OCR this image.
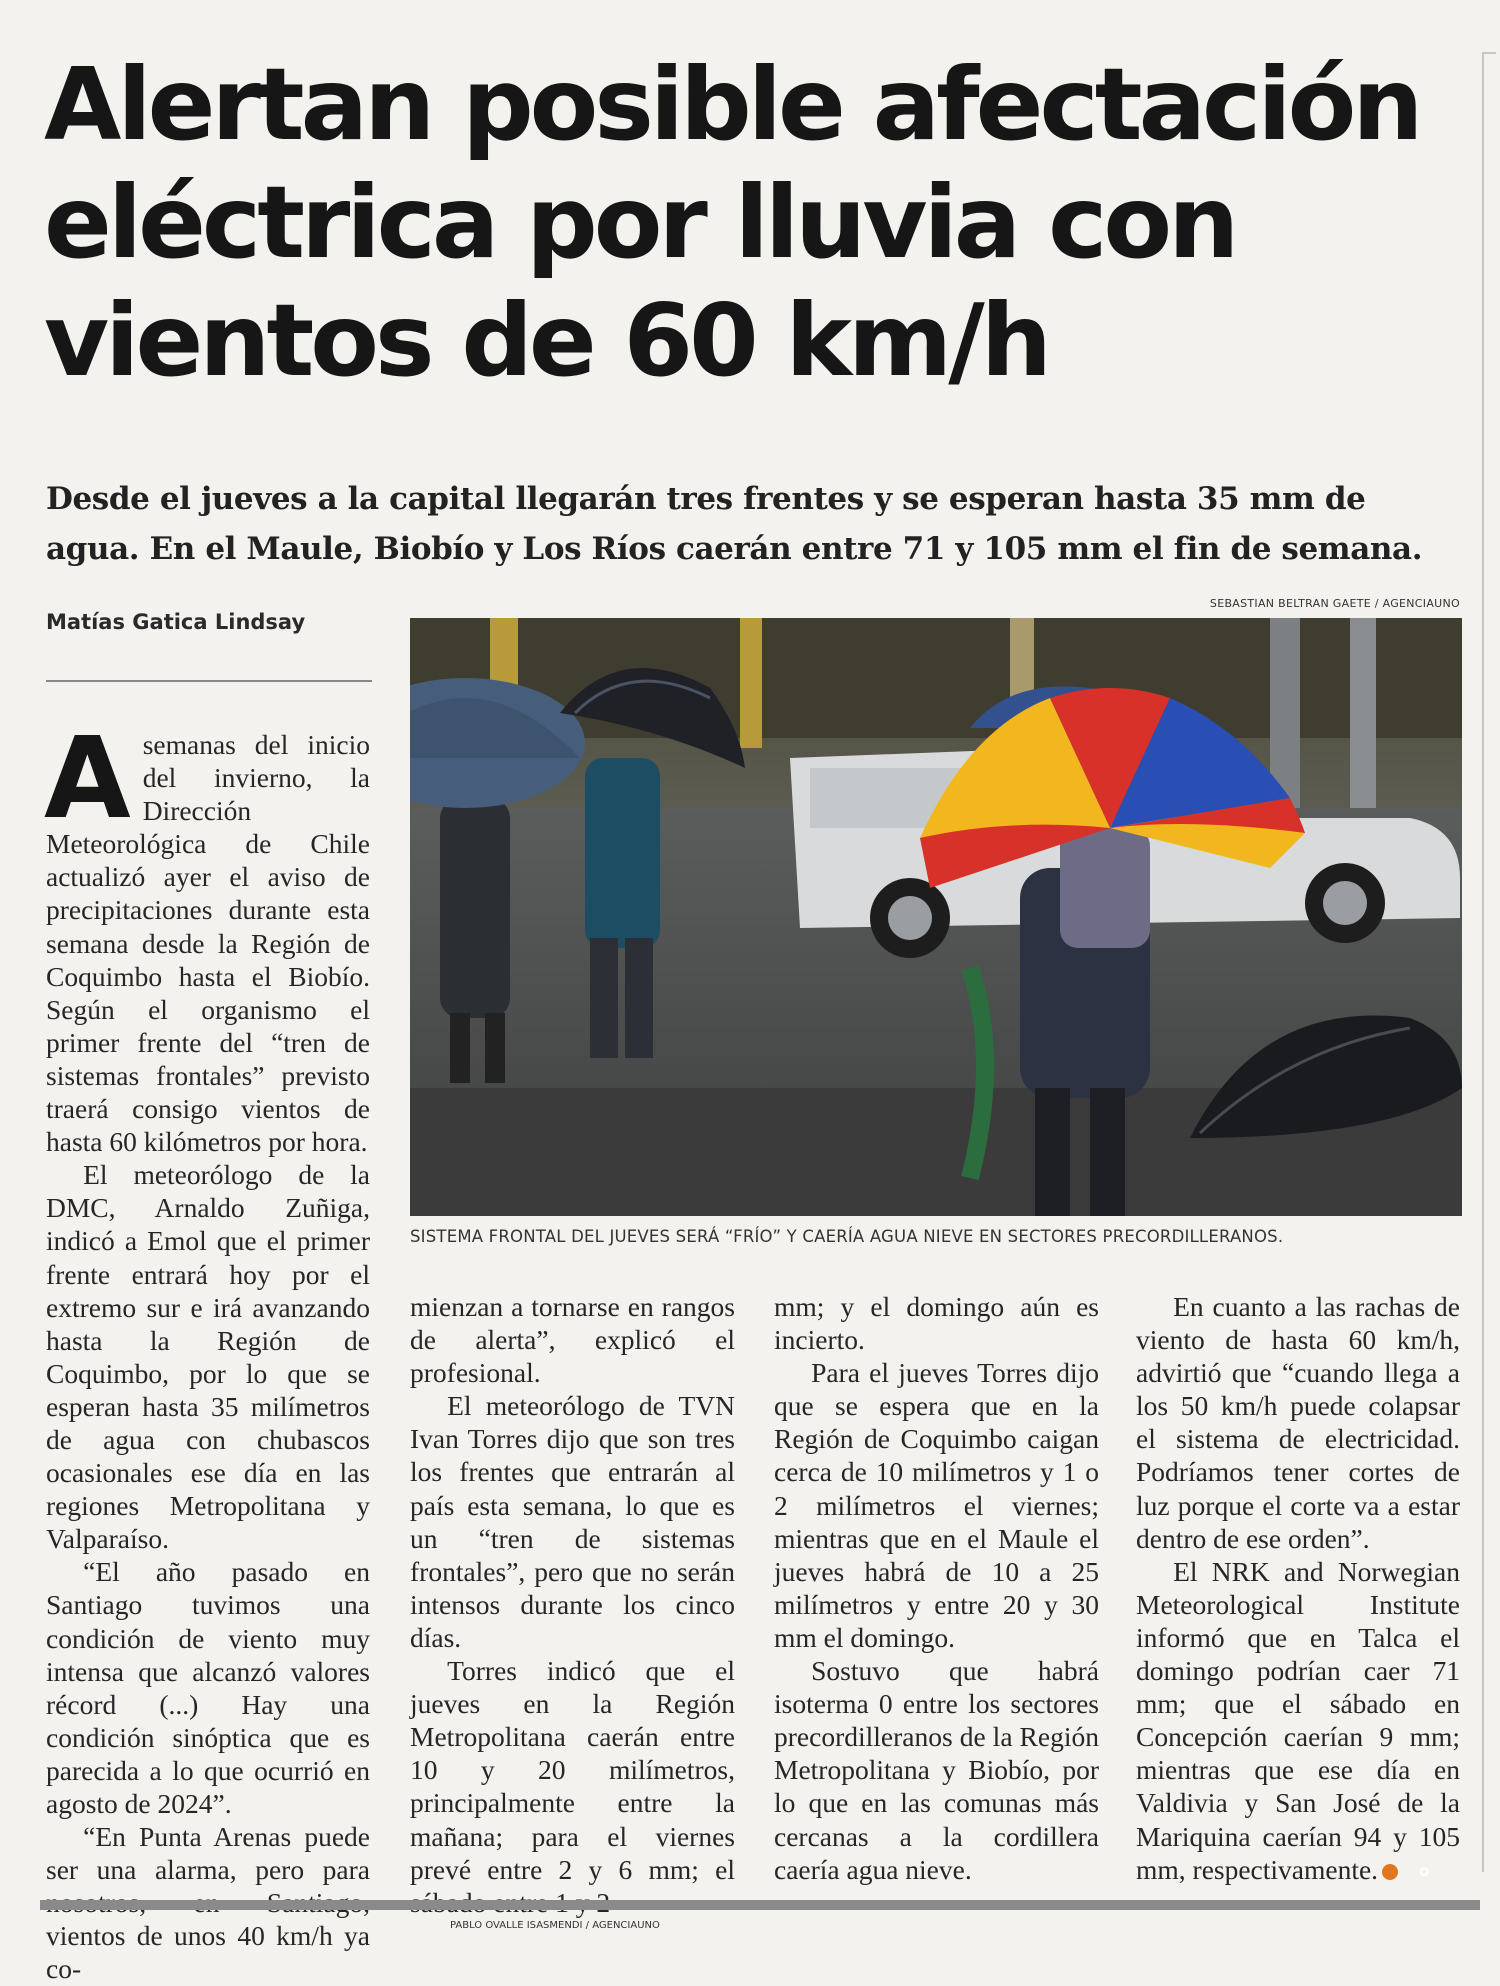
Alertan posible afectación eléctrica por lluvia con vientos de 60 km/h

Desde el jueves a la capital llegarán tres frentes y se esperan hasta 35 mm de agua. En el Maule, Biobío y Los Ríos caerán entre 71 y 105 mm el fin de semana.

Matías Gatica Lindsay
SEBASTIAN BELTRAN GAETE / AGENCIAUNO
SISTEMA FRONTAL DEL JUEVES SERÁ “FRÍO” Y CAERÍA AGUA NIEVE EN SECTORES PRECORDILLERANOS.

Asemanas del inicio del invierno, la Dirección Meteorológica de Chile actualizó ayer el aviso de precipitaciones durante esta semana desde la Región de Coquimbo hasta el Biobío. Según el organismo el primer frente del “tren de sistemas frontales” previsto traerá consigo vientos de hasta 60 kilómetros por hora.

El meteorólogo de la DMC, Arnaldo Zuñiga, indicó a Emol que el primer frente entrará hoy por el extremo sur e irá avanzando hasta la Región de Coquimbo, por lo que se esperan hasta 35 milímetros de agua con chubascos ocasionales ese día en las regiones Metropolitana y Valparaíso.

“El año pasado en Santiago tuvimos una condición de viento muy intensa que alcanzó valores récord (...) Hay una condición sinóptica que es parecida a lo que ocurrió en agosto de 2024”.

“En Punta Arenas puede ser una alarma, pero para vientos de unos 40 km/h ya co-

mienzan a tornarse en rangos de alerta”, explicó el profesional.

El meteorólogo de TVN Ivan Torres dijo que son tres los frentes que entrarán al país esta semana, lo que es un “tren de sistemas frontales”, pero que no serán intensos durante los cinco días.

Torres indicó que el jueves en la Región Metropolitana caerán entre 10 y 20 milímetros, principalmente entre la mañana; para el viernes prevé entre 2 y 6 mm; el

mm; y el domingo aún es incierto.

Para el jueves Torres dijo que se espera que en la Región de Coquimbo caigan cerca de 10 milímetros y 1 o 2 milímetros el viernes; mientras que en el Maule el jueves habrá de 10 a 25 milímetros y entre 20 y 30 mm el domingo.

Sostuvo que habrá isoterma 0 entre los sectores precordilleranos de la Región Metropolitana y Biobío, por lo que en las comunas más cercanas a la cordillera caería agua nieve.

En cuanto a las rachas de viento de hasta 60 km/h, advirtió que “cuando llega a los 50 km/h puede colapsar el sistema de electricidad. Podríamos tener cortes de luz porque el corte va a estar dentro de ese orden”.

El NRK and Norwegian Meteorological Institute informó que en Talca el domingo podrían caer 71 mm; que el sábado en Concepción caerían 9 mm; mientras que ese día en Valdivia y San José de la Mariquina caerían 94 y 105 mm, respectivamente.	✪

PABLO OVALLE ISASMENDI / AGENCIAUNO
